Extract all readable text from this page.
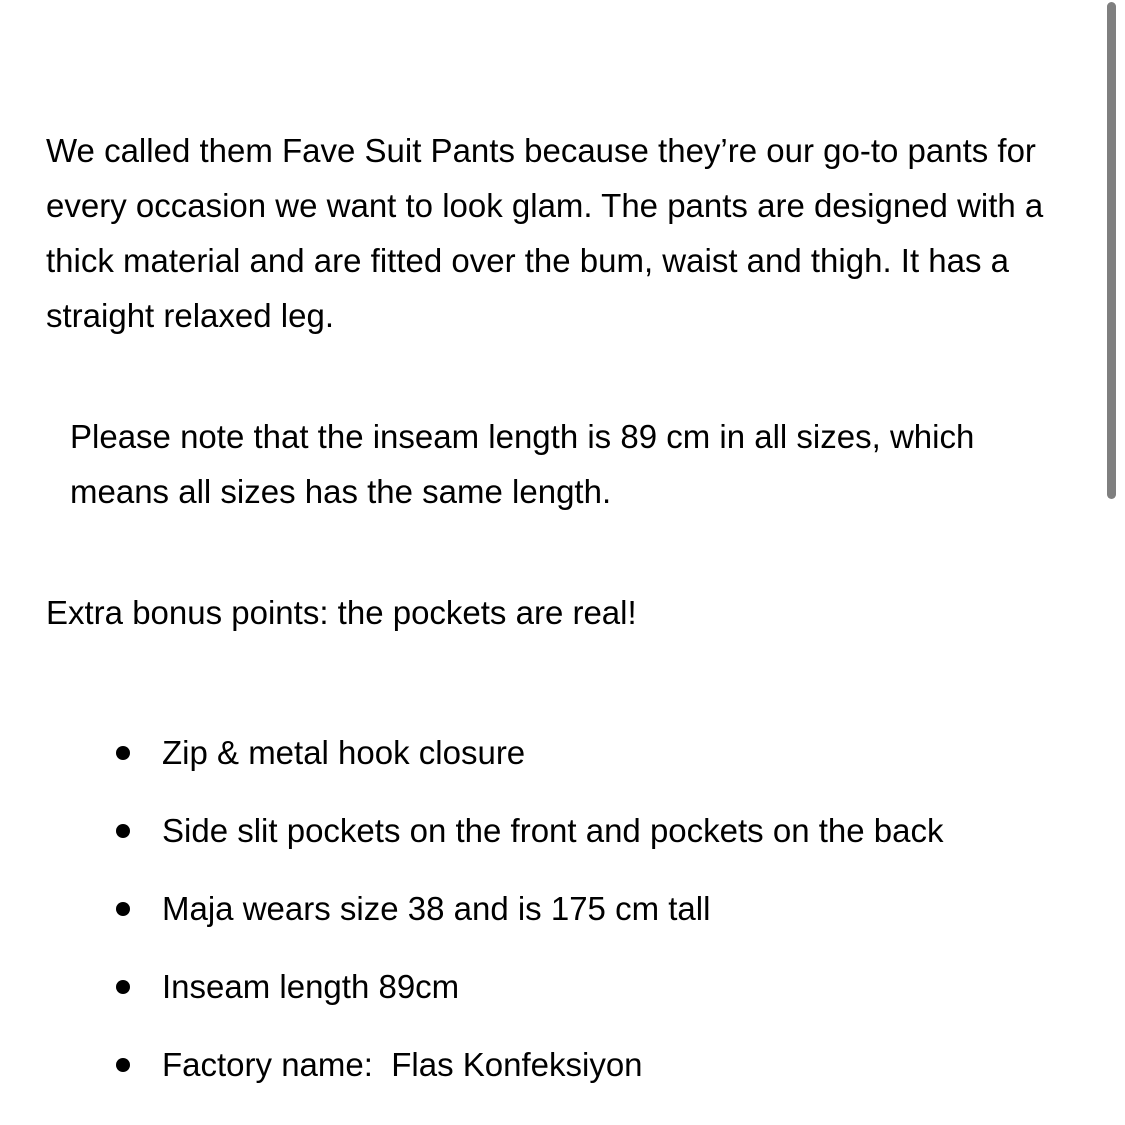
We called them Fave Suit Pants because they’re our go-to pants for every occasion we want to look glam. The pants are designed with a thick material and are fitted over the bum, waist and thigh. It has a straight relaxed leg.

Please note that the inseam length is 89 cm in all sizes, which means all sizes has the same length.

Extra bonus points: the pockets are real!

Zip & metal hook closure
Side slit pockets on the front and pockets on the back
Maja wears size 38 and is 175 cm tall
Inseam length 89cm
Factory name:  Flas Konfeksiyon
